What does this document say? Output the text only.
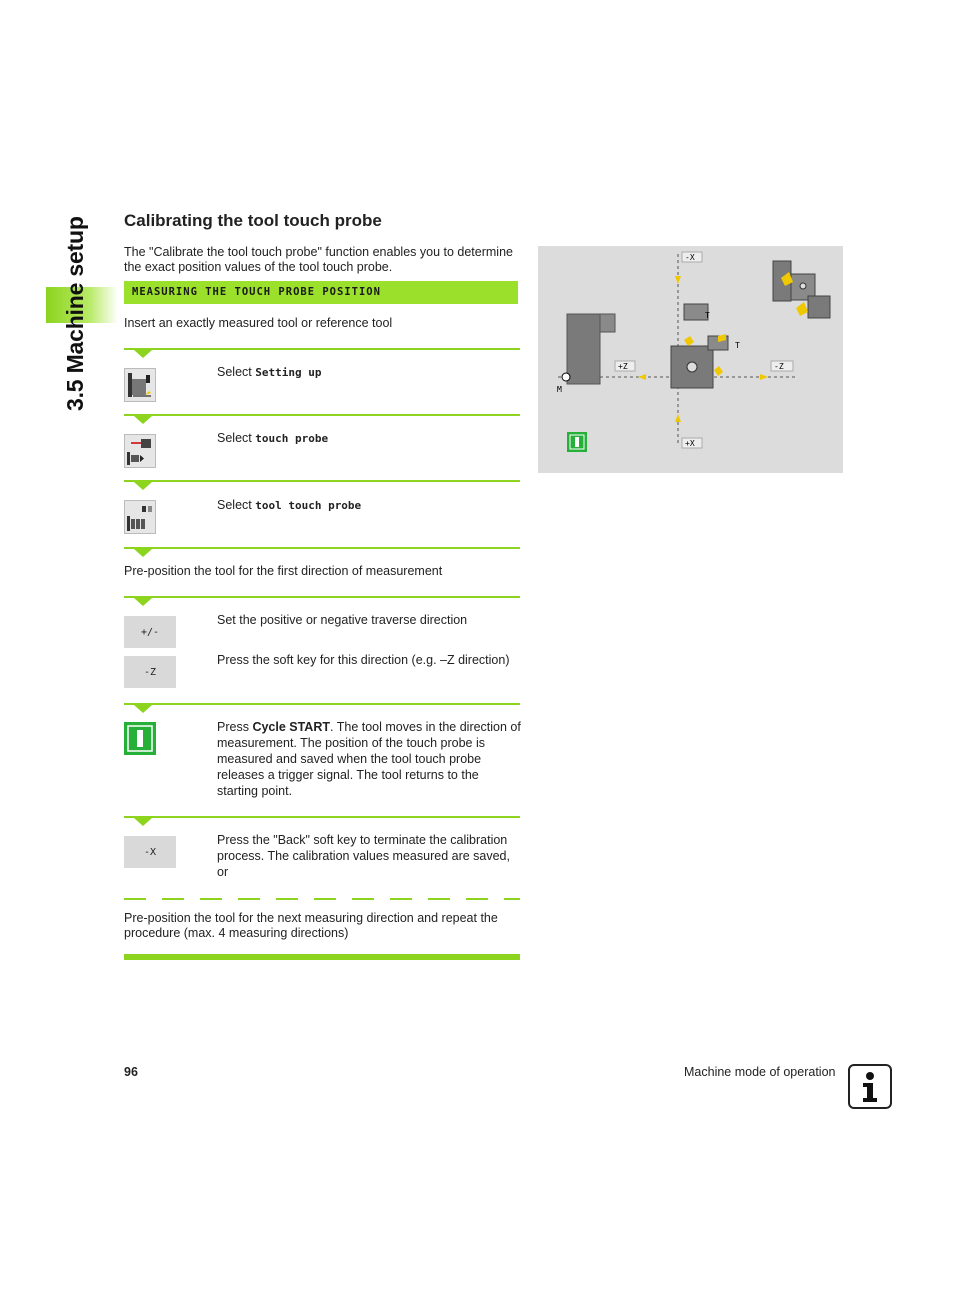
3.5 Machine setup Calibrating the tool touch probe
The "Calibrate the tool touch probe" function enables you to determine the exact position values of the tool touch probe.
MEASURING THE TOUCH PROBE POSITION
Insert an exactly measured tool or reference tool
Select Setting up
Select touch probe
Select tool touch probe
Pre-position the tool for the first direction of measurement
+/-
Set the positive or negative traverse direction
-Z
Press the soft key for this direction (e.g. –Z direction)
Press Cycle START. The tool moves in the direction of measurement. The position of the touch probe is measured and saved when the tool touch probe releases a trigger signal. The tool returns to the starting point.
-X
Press the "Back" soft key to terminate the calibration process. The calibration values measured are saved, or
Pre-position the tool for the next measuring direction and repeat the procedure (max. 4 measuring directions)
M
T
T
-X
+Z	-Z
+X
96	Machine mode of operation
